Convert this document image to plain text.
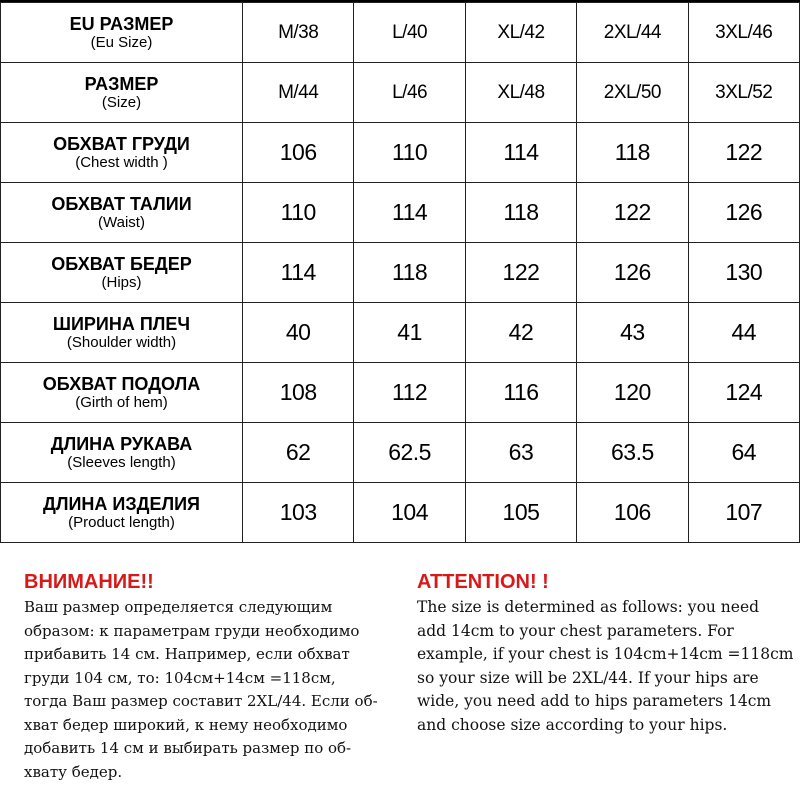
EU РАЗМЕР
(Eu Size)	M/38	L/40	XL/42	2XL/44	3XL/46

РАЗМЕР
(Size)	M/44	L/46	XL/48	2XL/50	3XL/52

ОБХВАТ ГРУДИ
(Chest width )	106	110	114	118	122

ОБХВАТ ТАЛИИ
(Waist)	110	114	118	122	126

ОБХВАТ БЕДЕР
(Hips)	114	118	122	126	130

ШИРИНА ПЛЕЧ
(Shoulder width)	40	41	42	43	44

ОБХВАТ ПОДОЛА
(Girth of hem)	108	112	116	120	124

ДЛИНА РУКАВА
(Sleeves length)	62	62.5	63	63.5	64

ДЛИНА ИЗДЕЛИЯ
(Product length)	103	104	105	106	107

ВНИМАНИЕ!!

Ваш размер определяется следующим
образом: к параметрам груди необходимо
прибавить 14 см. Например, если обхват
груди 104 см, то: 104см+14см =118см,
тогда Ваш размер составит 2XL/44. Если об-
хват бедер широкий, к нему необходимо
добавить 14 см и выбирать размер по об-
хвату бедер.

ATTENTION! !

The size is determined as follows: you need
add 14cm to your chest parameters. For
example, if your chest is 104cm+14cm =118cm
so your size will be 2XL/44. If your hips are
wide, you need add to hips parameters 14cm
and choose size according to your hips.
